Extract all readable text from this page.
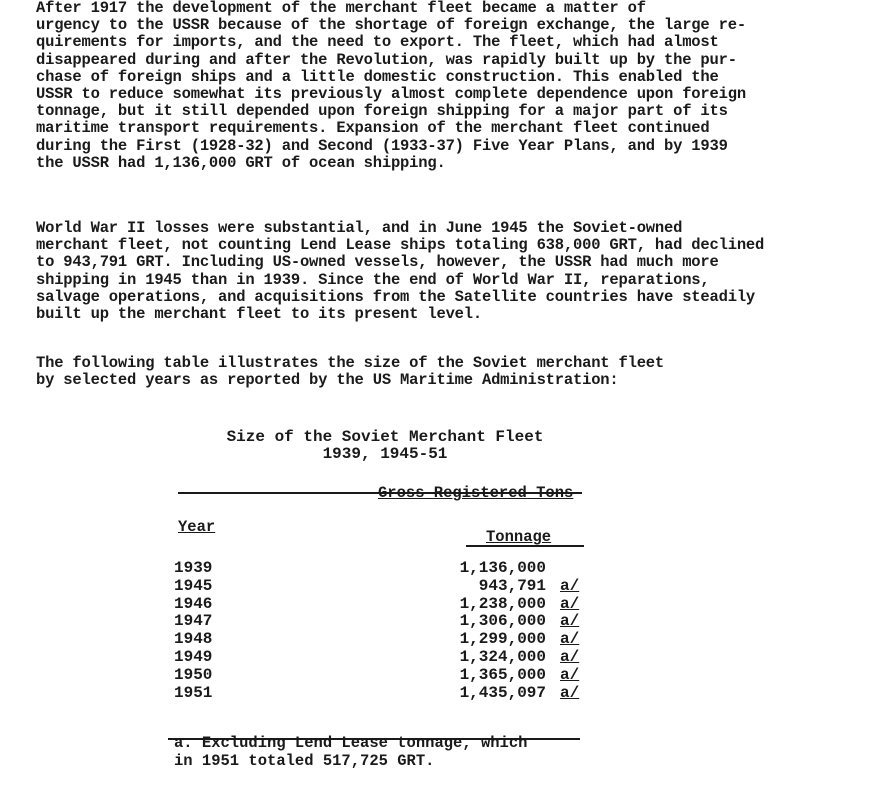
After 1917 the development of the merchant fleet became a matter of
urgency to the USSR because of the shortage of foreign exchange, the large re-
quirements for imports, and the need to export. The fleet, which had almost
disappeared during and after the Revolution, was rapidly built up by the pur-
chase of foreign ships and a little domestic construction. This enabled the
USSR to reduce somewhat its previously almost complete dependence upon foreign
tonnage, but it still depended upon foreign shipping for a major part of its
maritime transport requirements. Expansion of the merchant fleet continued
during the First (1928-32) and Second (1933-37) Five Year Plans, and by 1939
the USSR had 1,136,000 GRT of ocean shipping.
World War II losses were substantial, and in June 1945 the Soviet-owned
merchant fleet, not counting Lend Lease ships totaling 638,000 GRT, had declined
to 943,791 GRT. Including US-owned vessels, however, the USSR had much more
shipping in 1945 than in 1939. Since the end of World War II, reparations,
salvage operations, and acquisitions from the Satellite countries have steadily
built up the merchant fleet to its present level.
The following table illustrates the size of the Soviet merchant fleet
by selected years as reported by the US Maritime Administration:
Size of the Soviet Merchant Fleet
1939, 1945-51
Gross Registered Tons
Year
Tonnage
1939	1,136,000
1945	943,791 a/
1946	1,238,000 a/
1947	1,306,000 a/
1948	1,299,000 a/
1949	1,324,000 a/
1950	1,365,000 a/
1951	1,435,097 a/
a. Excluding Lend Lease tonnage, which
in 1951 totaled 517,725 GRT.
